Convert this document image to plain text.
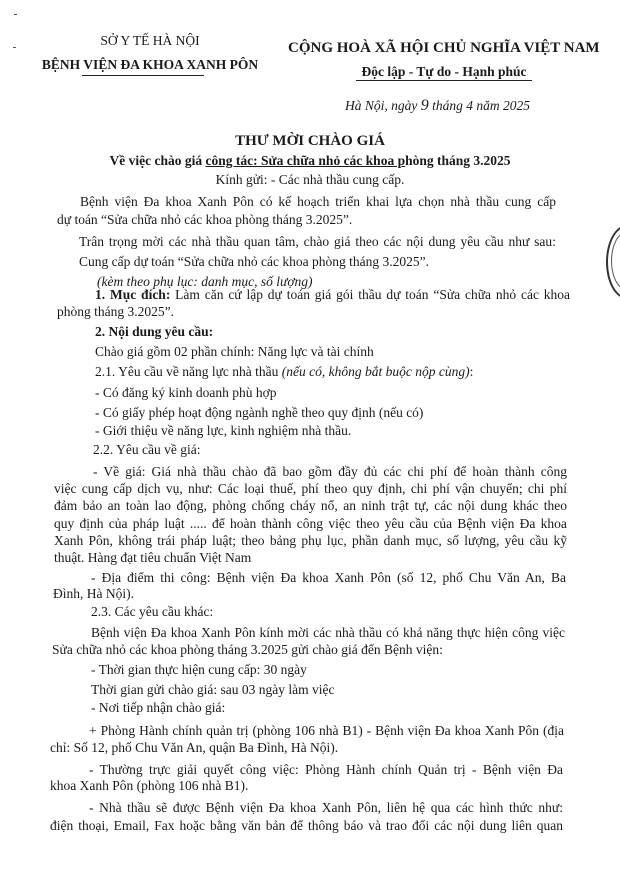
SỞ Y TẾ HÀ NỘI
BỆNH VIỆN ĐA KHOA XANH PÔN
CỘNG HOÀ XÃ HỘI CHỦ NGHĨA VIỆT NAM
Độc lập - Tự do - Hạnh phúc
Hà Nội, ngày 9 tháng 4 năm 2025
THƯ MỜI CHÀO GIÁ
Về việc chào giá công tác: Sửa chữa nhỏ các khoa phòng tháng 3.2025
Kính gửi: - Các nhà thầu cung cấp.
Bệnh viện Đa khoa Xanh Pôn có kế hoạch triển khai lựa chọn nhà thầu cung cấp
dự toán “Sửa chữa nhỏ các khoa phòng tháng 3.2025”.
Trân trọng mời các nhà thầu quan tâm, chào giá theo các nội dung yêu cầu như sau:
Cung cấp dự toán “Sửa chữa nhỏ các khoa phòng tháng 3.2025”.
(kèm theo phụ lục: danh mục, số lượng)
1. Mục đích: Làm căn cứ lập dự toán giá gói thầu dự toán “Sửa chữa nhỏ các khoa
phòng tháng 3.2025”.
2. Nội dung yêu cầu:
Chào giá gồm 02 phần chính: Năng lực và tài chính
2.1. Yêu cầu về năng lực nhà thầu (nếu có, không bắt buộc nộp cùng):
- Có đăng ký kinh doanh phù hợp
- Có giấy phép hoạt động ngành nghề theo quy định (nếu có)
- Giới thiệu về năng lực, kinh nghiệm nhà thầu.
2.2. Yêu cầu về giá:
- Về giá: Giá nhà thầu chào đã bao gồm đầy đủ các chi phí để hoàn thành công
việc cung cấp dịch vụ, như: Các loại thuế, phí theo quy định, chi phí vận chuyển; chi phí
đảm bảo an toàn lao động, phòng chống cháy nổ, an ninh trật tự, các nội dung khác theo
quy định của pháp luật ..... để hoàn thành công việc theo yêu cầu của Bệnh viện Đa khoa
Xanh Pôn, không trái pháp luật; theo bảng phụ lục, phần danh mục, số lượng, yêu cầu kỹ
thuật. Hàng đạt tiêu chuẩn Việt Nam
- Địa điểm thi công: Bệnh viện Đa khoa Xanh Pôn (số 12, phố Chu Văn An, Ba
Đình, Hà Nội).
2.3. Các yêu cầu khác:
Bệnh viện Đa khoa Xanh Pôn kính mời các nhà thầu có khả năng thực hiện công việc
Sửa chữa nhỏ các khoa phòng tháng 3.2025 gửi chào giá đến Bệnh viện:
- Thời gian thực hiện cung cấp: 30 ngày
Thời gian gửi chào giá: sau 03 ngày làm việc
- Nơi tiếp nhận chào giá:
+ Phòng Hành chính quản trị (phòng 106 nhà B1) - Bệnh viện Đa khoa Xanh Pôn (địa
chỉ: Số 12, phố Chu Văn An, quận Ba Đình, Hà Nội).
- Thường trực giải quyết công việc: Phòng Hành chính Quản trị - Bệnh viện Đa
khoa Xanh Pôn (phòng 106 nhà B1).
- Nhà thầu sẽ được Bệnh viện Đa khoa Xanh Pôn, liên hệ qua các hình thức như:
điện thoại, Email, Fax hoặc bằng văn bản để thông báo và trao đổi các nội dung liên quan
